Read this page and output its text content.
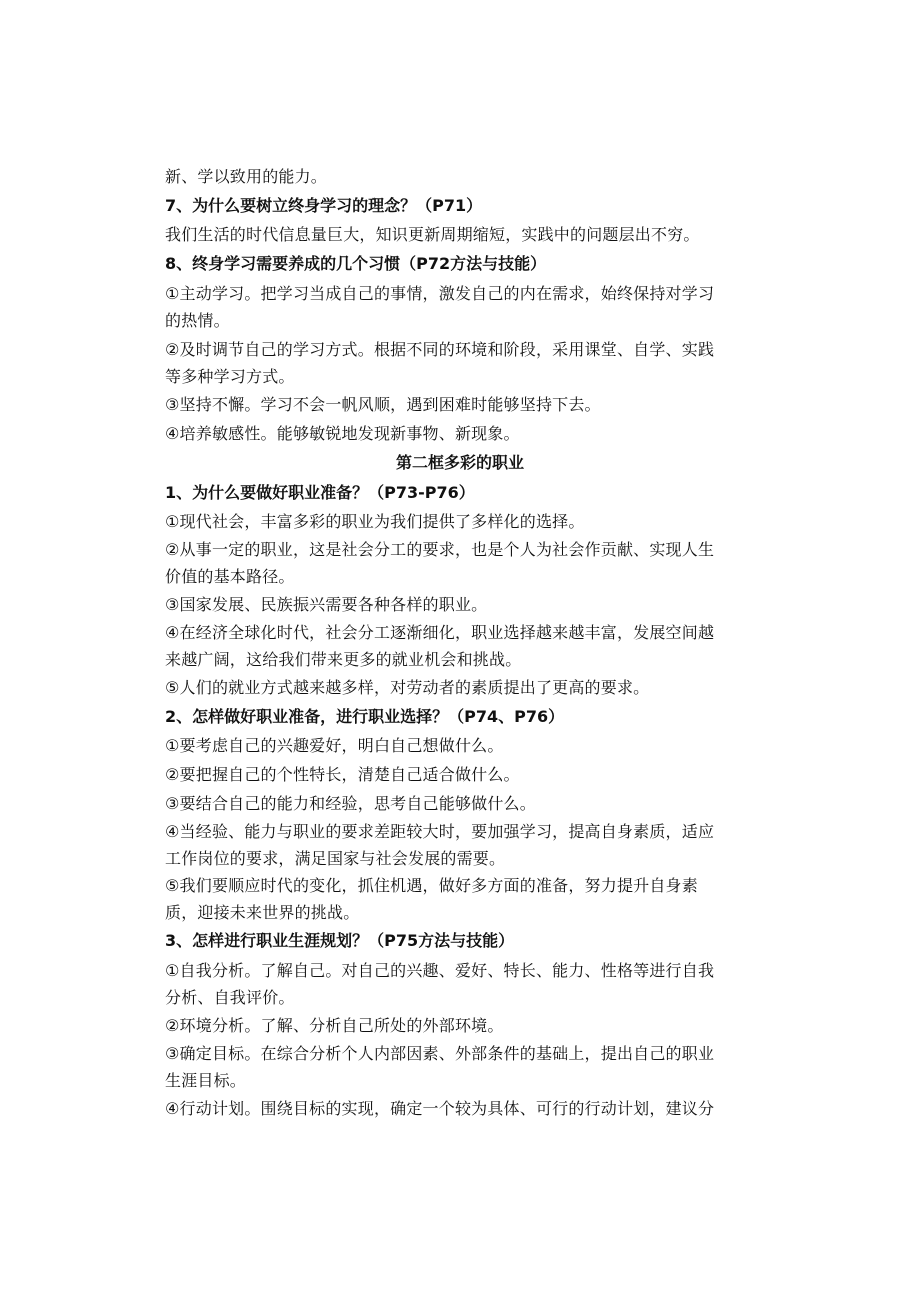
新、学以致用的能力。
7、为什么要树立终身学习的理念？（P71）
我们生活的时代信息量巨大，知识更新周期缩短，实践中的问题层出不穷。
8、终身学习需要养成的几个习惯（P72方法与技能）
①主动学习。把学习当成自己的事情，激发自己的内在需求，始终保持对学习
的热情。
②及时调节自己的学习方式。根据不同的环境和阶段，采用课堂、自学、实践
等多种学习方式。
③坚持不懈。学习不会一帆风顺，遇到困难时能够坚持下去。
④培养敏感性。能够敏锐地发现新事物、新现象。
第二框多彩的职业
1、为什么要做好职业准备？（P73-P76）
①现代社会，丰富多彩的职业为我们提供了多样化的选择。
②从事一定的职业，这是社会分工的要求，也是个人为社会作贡献、实现人生
价值的基本路径。
③国家发展、民族振兴需要各种各样的职业。
④在经济全球化时代，社会分工逐渐细化，职业选择越来越丰富，发展空间越
来越广阔，这给我们带来更多的就业机会和挑战。
⑤人们的就业方式越来越多样，对劳动者的素质提出了更高的要求。
2、怎样做好职业准备，进行职业选择？（P74、P76）
①要考虑自己的兴趣爱好，明白自己想做什么。
②要把握自己的个性特长，清楚自己适合做什么。
③要结合自己的能力和经验，思考自己能够做什么。
④当经验、能力与职业的要求差距较大时，要加强学习，提高自身素质，适应
工作岗位的要求，满足国家与社会发展的需要。
⑤我们要顺应时代的变化，抓住机遇，做好多方面的准备，努力提升自身素
质，迎接未来世界的挑战。
3、怎样进行职业生涯规划？（P75方法与技能）
①自我分析。了解自己。对自己的兴趣、爱好、特长、能力、性格等进行自我
分析、自我评价。
②环境分析。了解、分析自己所处的外部环境。
③确定目标。在综合分析个人内部因素、外部条件的基础上，提出自己的职业
生涯目标。
④行动计划。围绕目标的实现，确定一个较为具体、可行的行动计划，建议分
